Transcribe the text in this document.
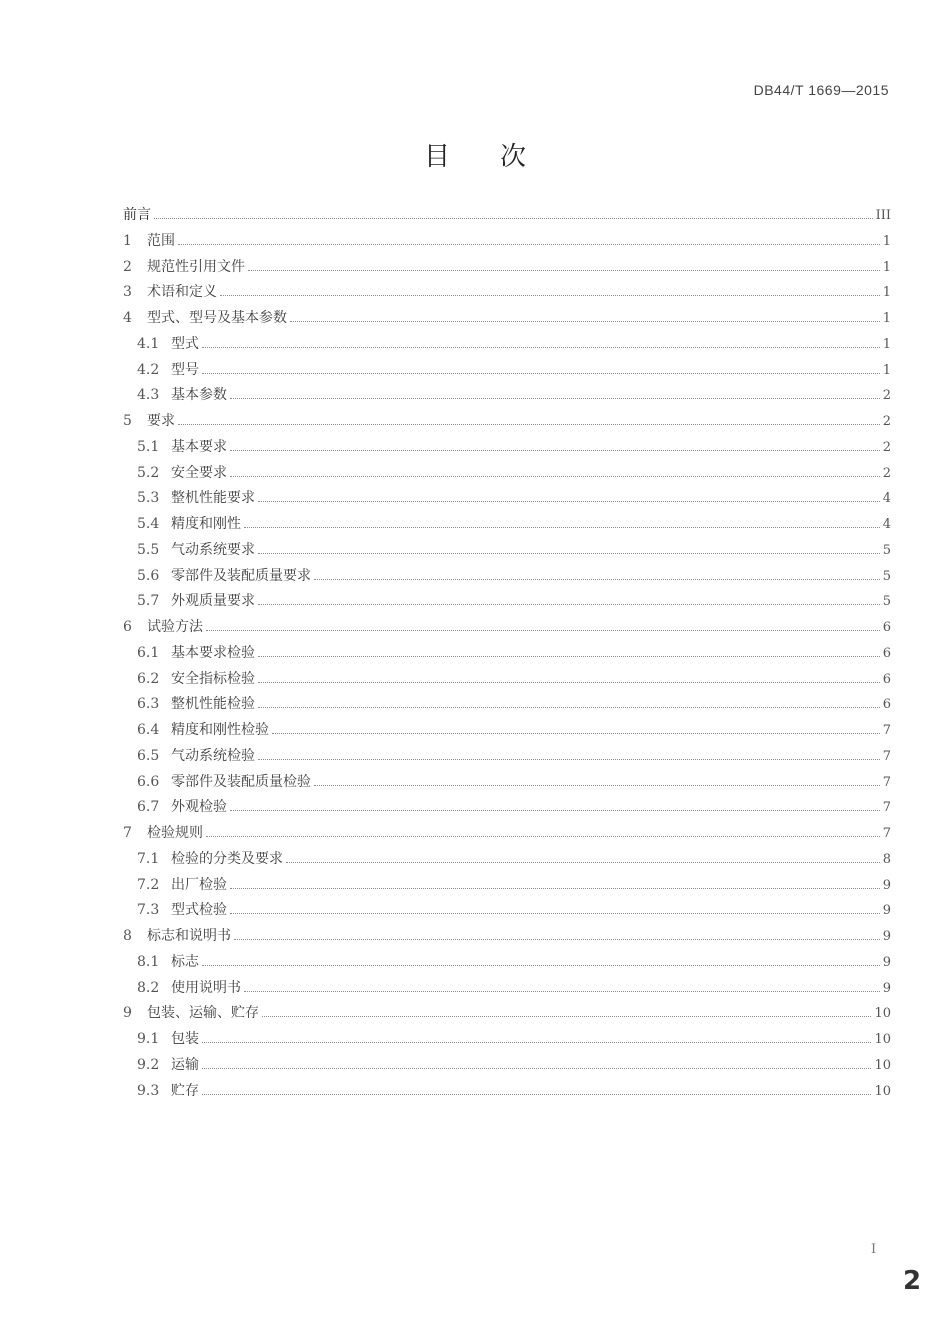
DB44/T 1669—2015
目次
前言	III
1	范围	1
2	规范性引用文件	1
3	术语和定义	1
4	型式、型号及基本参数	1
4.1 型式	1
4.2 型号	1
4.3 基本参数	2
5	要求	2
5.1 基本要求	2
5.2 安全要求	2
5.3 整机性能要求	4
5.4 精度和刚性	4
5.5 气动系统要求	5
5.6 零部件及装配质量要求	5
5.7 外观质量要求	5
6	试验方法	6
6.1 基本要求检验	6
6.2 安全指标检验	6
6.3 整机性能检验	6
6.4 精度和刚性检验	7
6.5 气动系统检验	7
6.6 零部件及装配质量检验	7
6.7 外观检验	7
7	检验规则	7
7.1 检验的分类及要求	8
7.2 出厂检验	9
7.3 型式检验	9
8	标志和说明书	9
8.1 标志	9
8.2 使用说明书	9
9	包装、运输、贮存	10
9.1 包装	10
9.2 运输	10
9.3 贮存	10
I
2
